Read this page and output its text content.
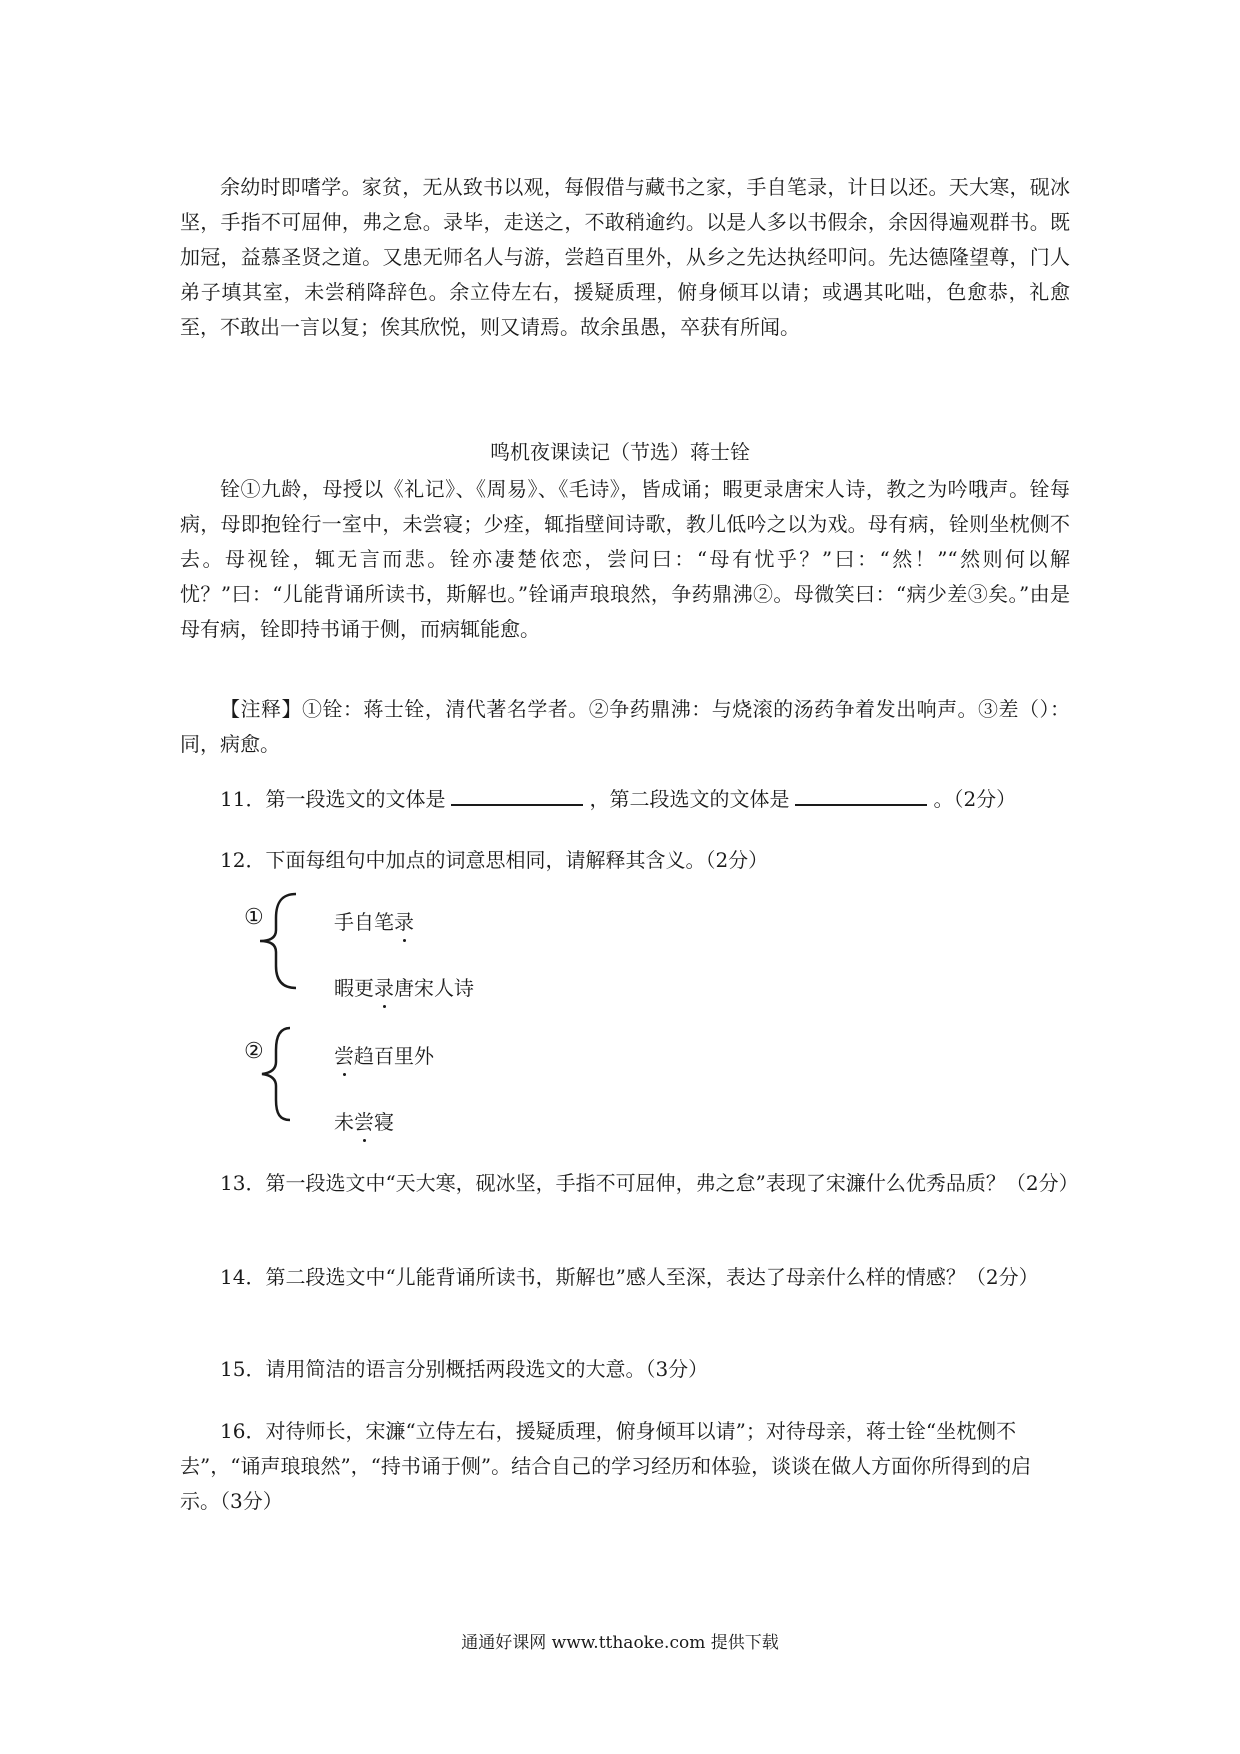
余幼时即嗜学。家贫，无从致书以观，每假借与藏书之家，手自笔录，计日以还。天大寒，砚冰坚，手指不可屈伸，弗之怠。录毕，走送之，不敢稍逾约。以是人多以书假余，余因得遍观群书。既加冠，益慕圣贤之道。又患无师名人与游，尝趋百里外，从乡之先达执经叩问。先达德隆望尊，门人弟子填其室，未尝稍降辞色。余立侍左右，援疑质理，俯身倾耳以请；或遇其叱咄，色愈恭，礼愈至，不敢出一言以复；俟其欣悦，则又请焉。故余虽愚，卒获有所闻。

鸣机夜课读记（节选）蒋士铨

铨①九龄，母授以《礼记》、《周易》、《毛诗》，皆成诵；暇更录唐宋人诗，教之为吟哦声。铨每病，母即抱铨行一室中，未尝寝；少痊，辄指壁间诗歌，教儿低吟之以为戏。母有病，铨则坐枕侧不去。母视铨，辄无言而悲。铨亦凄楚依恋，尝问曰：“母有忧乎？”曰：“然！”“然则何以解忧？”曰：“儿能背诵所读书，斯解也。”铨诵声琅琅然，争药鼎沸②。母微笑曰：“病少差③矣。”由是母有病，铨即持书诵于侧，而病辄能愈。

【注释】①铨：蒋士铨，清代著名学者。②争药鼎沸：与烧滚的汤药争着发出响声。③差（）：同，病愈。

11．第一段选文的文体是	，第二段选文的文体是	。（2分）

12．下面每组句中加点的词意思相同，请解释其含义。（2分）

①	手自笔录

暇更录唐宋人诗

②	尝趋百里外

未尝寝

13．第一段选文中“天大寒，砚冰坚，手指不可屈伸，弗之怠”表现了宋濂什么优秀品质？（2分）

14．第二段选文中“儿能背诵所读书，斯解也”感人至深，表达了母亲什么样的情感？（2分）

15．请用简洁的语言分别概括两段选文的大意。（3分）

16．对待师长，宋濂“立侍左右，援疑质理，俯身倾耳以请”；对待母亲，蒋士铨“坐枕侧不去”，“诵声琅琅然”，“持书诵于侧”。结合自己的学习经历和体验，谈谈在做人方面你所得到的启示。（3分）

通通好课网 www.tthaoke.com 提供下载
